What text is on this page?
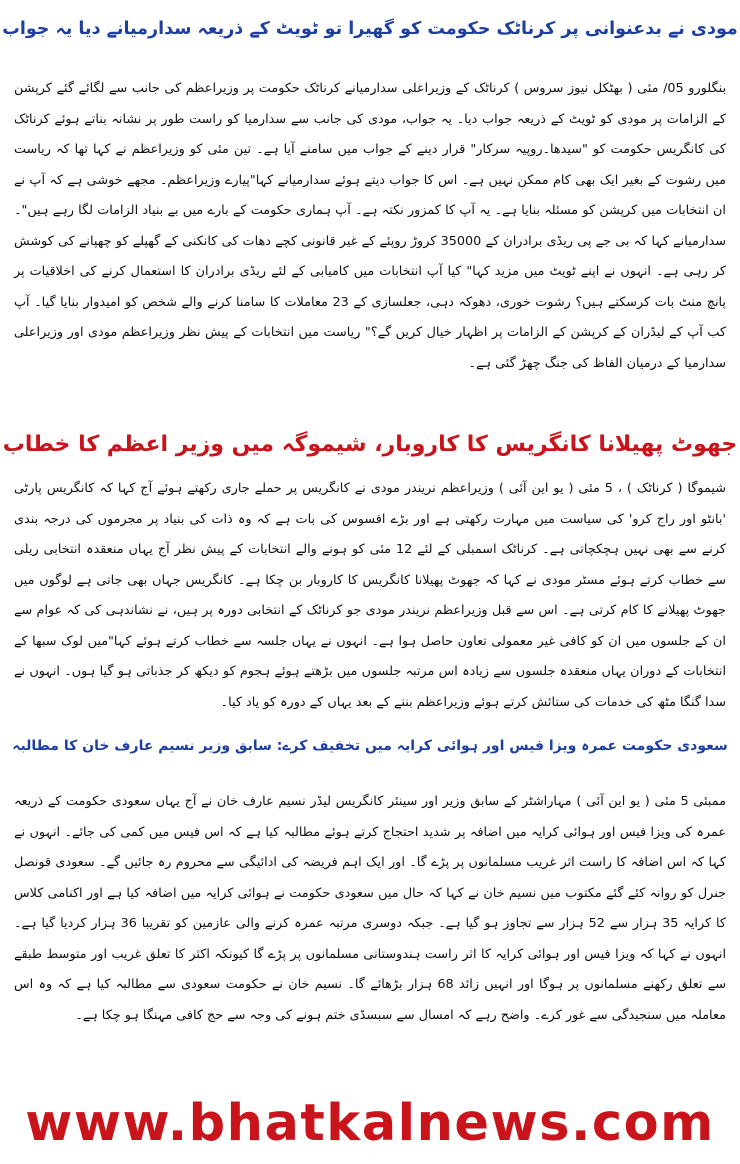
مودی نے بدعنوانی پر کرناٹک حکومت کو گھیرا تو ٹویٹ کے ذریعہ سدارمیانے دیا یہ جواب

بنگلورو 05/ مئی ( بھٹکل نیوز سروس ) کرناٹک کے وزیراعلی سدارمیانے کرناٹک حکومت پر وزیراعظم کی جانب سے لگائے گئے کرپشن کے الزامات پر مودی کو ٹویٹ کے ذریعہ جواب دیا۔ یہ جواب، مودی کی جانب سے سدارمیا کو راست طور پر نشانہ بناتے ہوئے کرناٹک کی کانگریس حکومت کو "سیدھا۔روپیہ سرکار" قرار دینے کے جواب میں سامنے آیا ہے۔ تین مئی کو وزیراعظم نے کہا تھا کہ ریاست میں رشوت کے بغیر ایک بھی کام ممکن نہیں ہے۔ اس کا جواب دیتے ہوئے سدارمیانے کہا"پیارے وزیراعظم۔ مجھے خوشی ہے کہ آپ نے ان انتخابات میں کرپشن کو مسئلہ بنایا ہے۔ یہ آپ کا کمزور نکتہ ہے۔ آپ ہماری حکومت کے بارے میں بے بنیاد الزامات لگا رہے ہیں"۔ سدارمیانے کہا کہ بی جے پی ریڈی برادران کے 35000 کروڑ روپئے کے غیر قانونی کچے دھات کی کانکنی کے گھپلے کو چھپانے کی کوشش کر رہی ہے۔ انہوں نے اپنے ٹویٹ میں مزید کہا" کیا آپ انتخابات میں کامیابی کے لئے ریڈی برادران کا استعمال کرنے کی اخلاقیات پر پانچ منٹ بات کرسکتے ہیں؟ رشوت خوری، دھوکہ دہی، جعلسازی کے 23 معاملات کا سامنا کرنے والے شخص کو امیدوار بنایا گیا۔ آپ کب آپ کے لیڈران کے کرپشن کے الزامات پر اظہار خیال کریں گے؟" ریاست میں انتخابات کے پیش نظر وزیراعظم مودی اور وزیراعلی سدارمیا کے درمیان الفاظ کی جنگ چھڑ گئی ہے۔

جھوٹ پھیلانا کانگریس کا کاروبار، شیموگہ میں وزیر اعظم کا خطاب

شیموگا ( کرناٹک ) ، 5 مئی ( یو این آئی ) وزیراعظم نریندر مودی نے کانگریس پر حملے جاری رکھتے ہوئے آج کہا کہ کانگریس پارٹی 'بانٹو اور راج کرو' کی سیاست میں مہارت رکھتی ہے اور بڑے افسوس کی بات ہے کہ وہ ذات کی بنیاد پر مجرموں کی درجہ بندی کرنے سے بھی نہیں ہچکچاتی ہے۔ کرناٹک اسمبلی کے لئے 12 مئی کو ہونے والے انتخابات کے پیش نظر آج یہاں منعقدہ انتخابی ریلی سے خطاب کرتے ہوئے مسٹر مودی نے کہا کہ جھوٹ پھیلانا کانگریس کا کاروبار بن چکا ہے۔ کانگریس جہاں بھی جاتی ہے لوگوں میں جھوٹ پھیلانے کا کام کرتی ہے۔ اس سے قبل وزیراعظم نریندر مودی جو کرناٹک کے انتخابی دورہ پر ہیں، نے نشاندہی کی کہ عوام سے ان کے جلسوں میں ان کو کافی غیر معمولی تعاون حاصل ہوا ہے۔ انہوں نے یہاں جلسہ سے خطاب کرتے ہوئے کہا"میں لوک سبھا کے انتخابات کے دوران یہاں منعقدہ جلسوں سے زیادہ اس مرتبہ جلسوں میں بڑھتے ہوئے ہجوم کو دیکھ کر جذباتی ہو گیا ہوں۔ انہوں نے سدا گنگا مٹھ کی خدمات کی ستائش کرتے ہوئے وزیراعظم بننے کے بعد یہاں کے دورہ کو یاد کیا۔

سعودی حکومت عمرہ ویزا فیس اور ہوائی کرایہ میں تخفیف کرے: سابق وزیر نسیم عارف خان کا مطالبہ

ممبئی 5 مئی ( یو این آئی ) مہاراشٹر کے سابق وزیر اور سینئر کانگریس لیڈر نسیم عارف خان نے آج یہاں سعودی حکومت کے ذریعہ عمرہ کی ویزا فیس اور ہوائی کرایہ میں اضافہ پر شدید احتجاج کرتے ہوئے مطالبہ کیا ہے کہ اس فیس میں کمی کی جائے۔ انہوں نے کہا کہ اس اضافہ کا راست اثر غریب مسلمانوں پر پڑے گا۔ اور ایک اہم فریضہ کی ادائیگی سے محروم رہ جائیں گے۔ سعودی قونصل جنرل کو روانہ کئے گئے مکتوب میں نسیم خان نے کہا کہ حال میں سعودی حکومت نے ہوائی کرایہ میں اضافہ کیا ہے اور اکنامی کلاس کا کرایہ 35 ہزار سے 52 ہزار سے تجاوز ہو گیا ہے۔ جبکہ دوسری مرتبہ عمرہ کرنے والی عازمین کو تقریبا 36 ہزار کردیا گیا ہے۔ انہوں نے کہا کہ ویزا فیس اور ہوائی کرایہ کا اثر راست ہندوستانی مسلمانوں پر پڑے گا کیونکہ اکثر کا تعلق غریب اور متوسط طبقے سے تعلق رکھنے مسلمانوں پر ہوگا اور انہیں زائد 68 ہزار بڑھائے گا۔ نسیم خان نے حکومت سعودی سے مطالبہ کیا ہے کہ وہ اس معاملہ میں سنجیدگی سے غور کرے۔ واضح رہے کہ امسال سے سبسڈی ختم ہونے کی وجہ سے حج کافی مہنگا ہو چکا ہے۔

www.bhatkalnews.com
